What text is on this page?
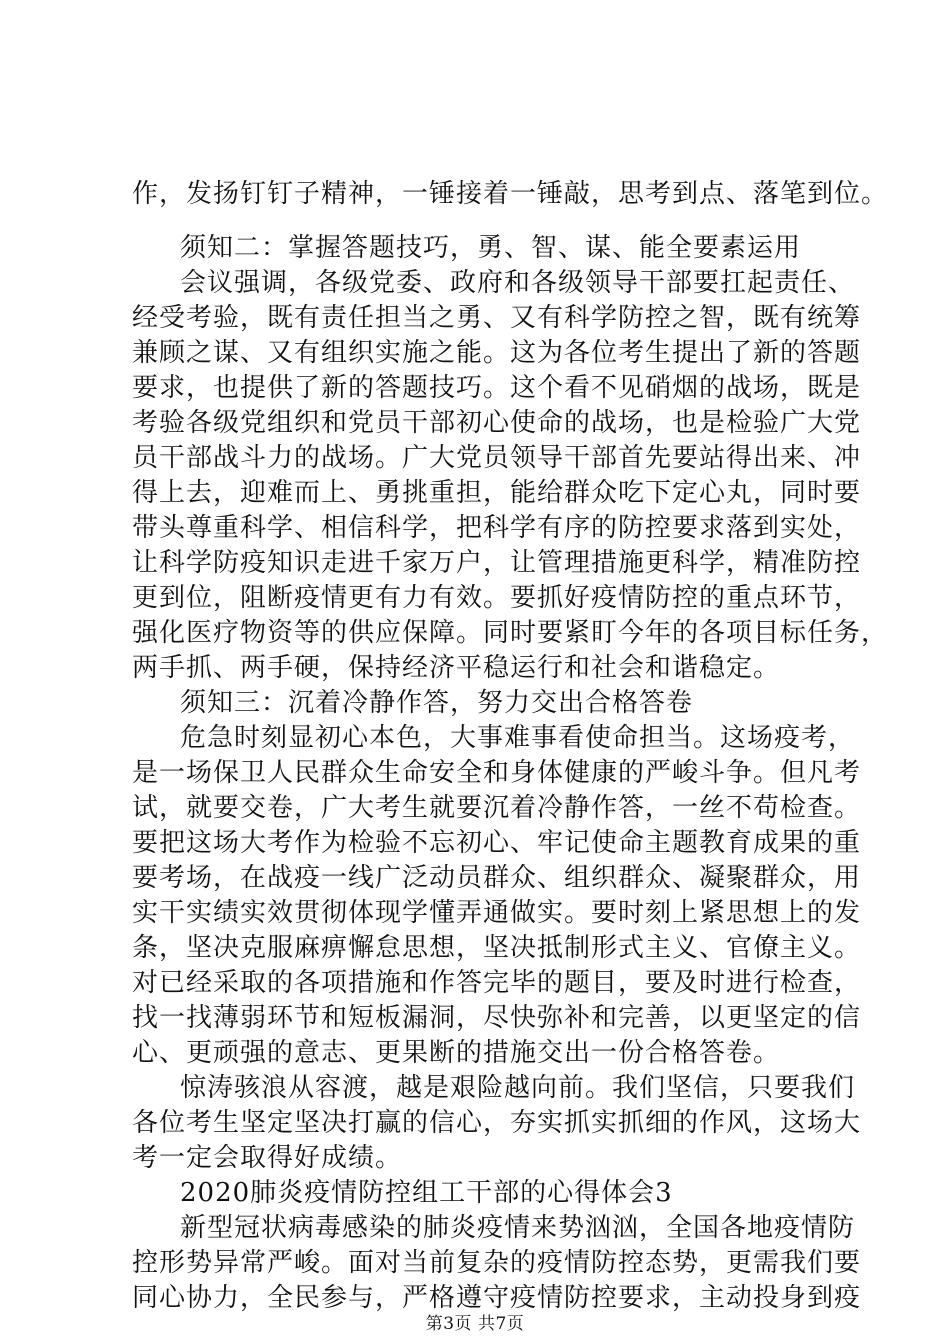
作，发扬钉钉子精神，一锤接着一锤敲，思考到点、落笔到位。
须知二：掌握答题技巧，勇、智、谋、能全要素运用
会议强调，各级党委、政府和各级领导干部要扛起责任、
经受考验，既有责任担当之勇、又有科学防控之智，既有统筹
兼顾之谋、又有组织实施之能。这为各位考生提出了新的答题
要求，也提供了新的答题技巧。这个看不见硝烟的战场，既是
考验各级党组织和党员干部初心使命的战场，也是检验广大党
员干部战斗力的战场。广大党员领导干部首先要站得出来、冲
得上去，迎难而上、勇挑重担，能给群众吃下定心丸，同时要
带头尊重科学、相信科学，把科学有序的防控要求落到实处，
让科学防疫知识走进千家万户，让管理措施更科学，精准防控
更到位，阻断疫情更有力有效。要抓好疫情防控的重点环节，
强化医疗物资等的供应保障。同时要紧盯今年的各项目标任务，
两手抓、两手硬，保持经济平稳运行和社会和谐稳定。
须知三：沉着冷静作答，努力交出合格答卷
危急时刻显初心本色，大事难事看使命担当。这场疫考，
是一场保卫人民群众生命安全和身体健康的严峻斗争。但凡考
试，就要交卷，广大考生就要沉着冷静作答，一丝不苟检查。
要把这场大考作为检验不忘初心、牢记使命主题教育成果的重
要考场，在战疫一线广泛动员群众、组织群众、凝聚群众，用
实干实绩实效贯彻体现学懂弄通做实。要时刻上紧思想上的发
条，坚决克服麻痹懈怠思想，坚决抵制形式主义、官僚主义。
对已经采取的各项措施和作答完毕的题目，要及时进行检查，
找一找薄弱环节和短板漏洞，尽快弥补和完善，以更坚定的信
心、更顽强的意志、更果断的措施交出一份合格答卷。
惊涛骇浪从容渡，越是艰险越向前。我们坚信，只要我们
各位考生坚定坚决打赢的信心，夯实抓实抓细的作风，这场大
考一定会取得好成绩。
2020肺炎疫情防控组工干部的心得体会3
新型冠状病毒感染的肺炎疫情来势汹汹，全国各地疫情防
控形势异常严峻。面对当前复杂的疫情防控态势，更需我们要
同心协力，全民参与，严格遵守疫情防控要求，主动投身到疫
第3页 共7页
